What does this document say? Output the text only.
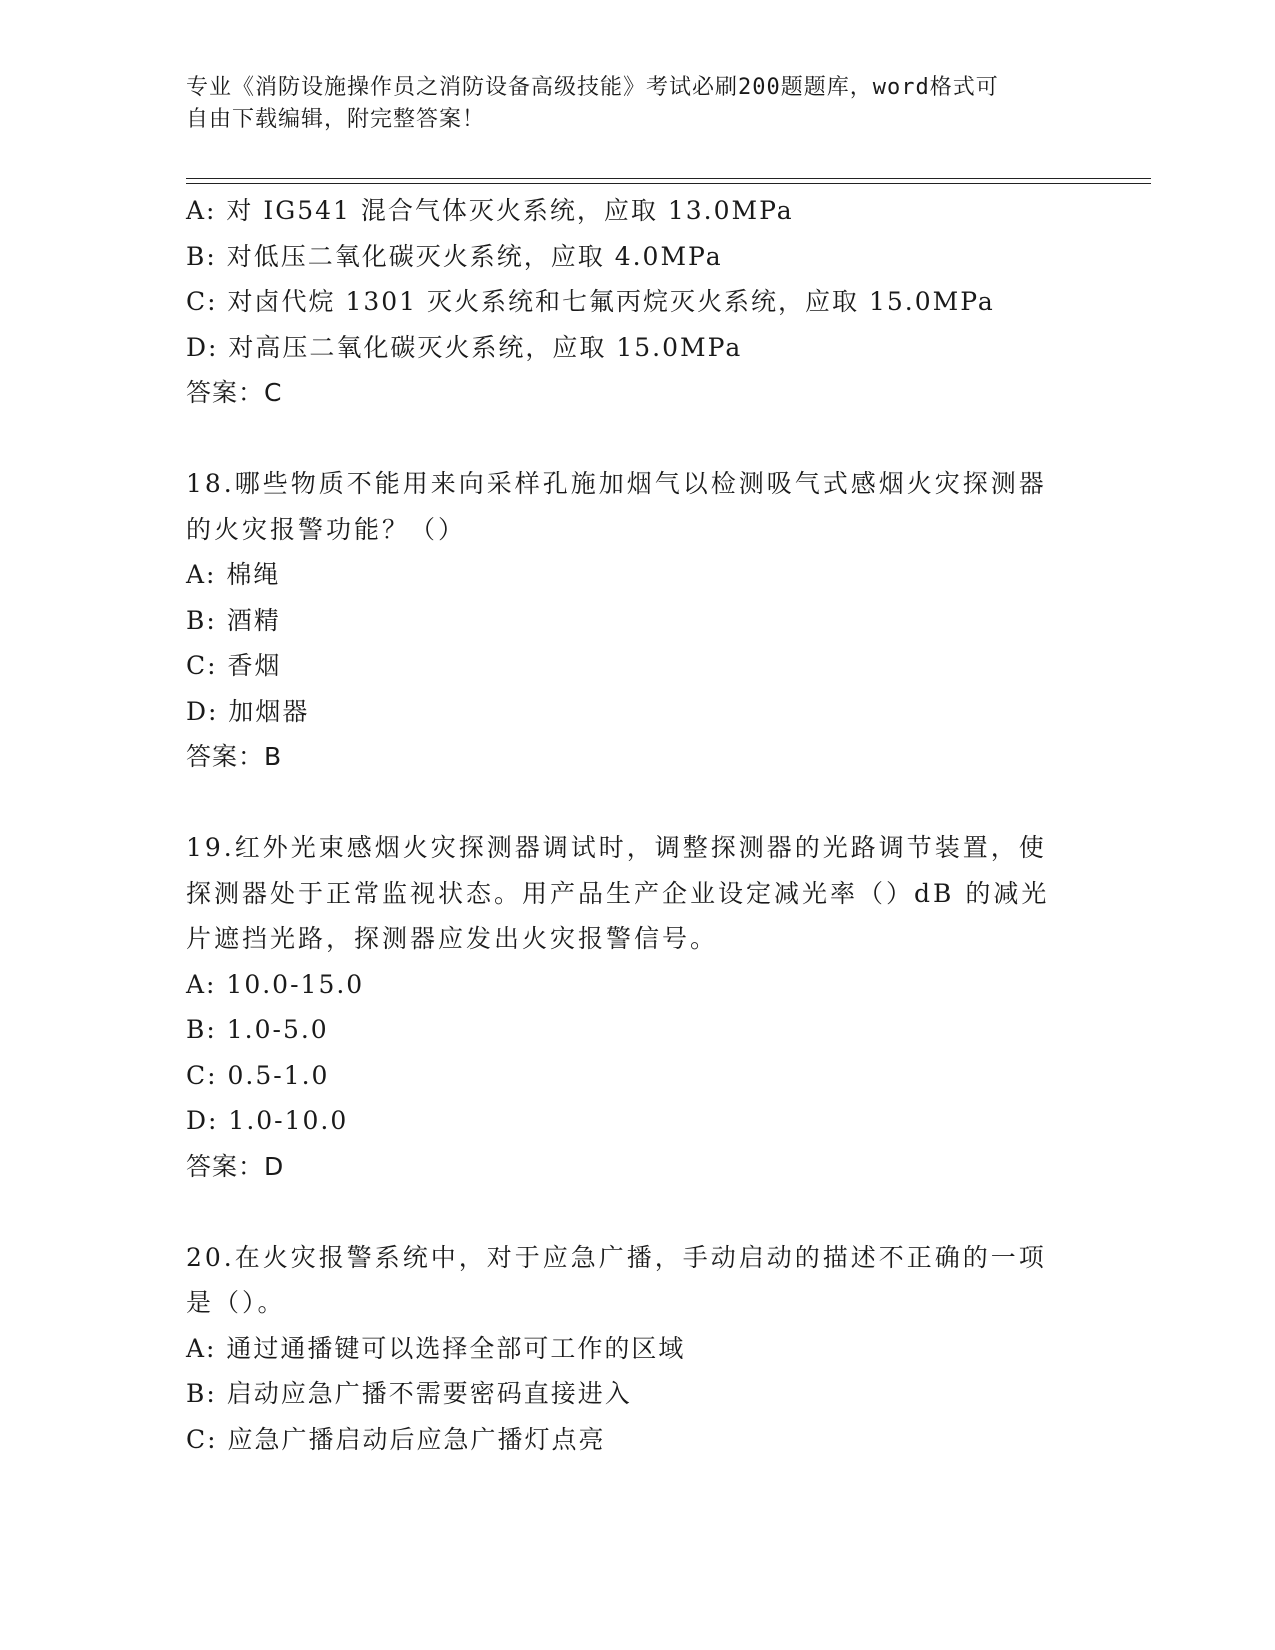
专业《消防设施操作员之消防设备高级技能》考试必刷200题题库，word格式可
自由下载编辑，附完整答案！
A: 对 IG541 混合气体灭火系统，应取 13.0MPa
B: 对低压二氧化碳灭火系统，应取 4.0MPa
C: 对卤代烷 1301 灭火系统和七氟丙烷灭火系统，应取 15.0MPa
D: 对高压二氧化碳灭火系统，应取 15.0MPa
答案：C
18.哪些物质不能用来向采样孔施加烟气以检测吸气式感烟火灾探测器
的火灾报警功能？（）
A: 棉绳
B: 酒精
C: 香烟
D: 加烟器
答案：B
19.红外光束感烟火灾探测器调试时，调整探测器的光路调节装置，使
探测器处于正常监视状态。用产品生产企业设定减光率（）dB 的减光
片遮挡光路，探测器应发出火灾报警信号。
A: 10.0-15.0
B: 1.0-5.0
C: 0.5-1.0
D: 1.0-10.0
答案：D
20.在火灾报警系统中，对于应急广播，手动启动的描述不正确的一项
是（）。
A: 通过通播键可以选择全部可工作的区域
B: 启动应急广播不需要密码直接进入
C: 应急广播启动后应急广播灯点亮
